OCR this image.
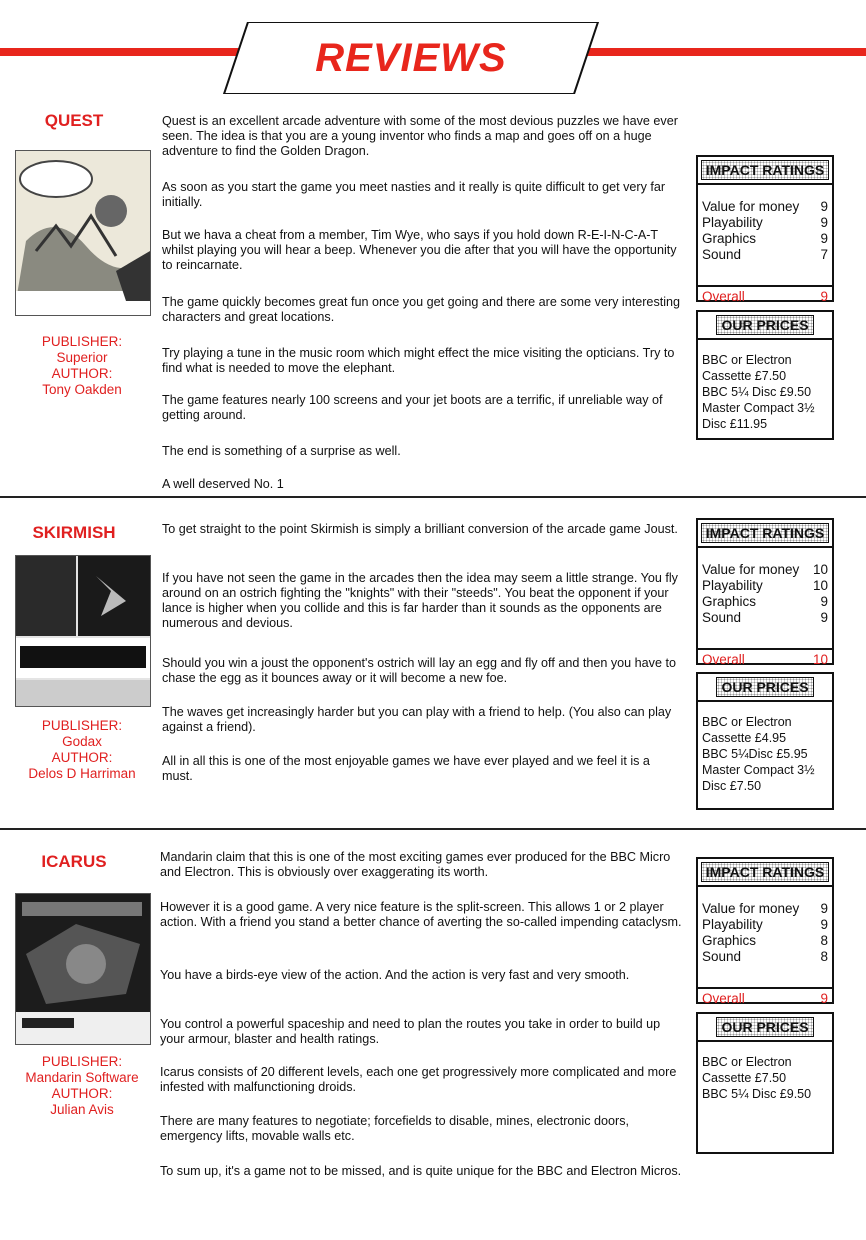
REVIEWS
QUEST
PUBLISHER:
Superior
AUTHOR:
Tony Oakden

Quest is an excellent arcade adventure with some of the most devious puzzles we have ever seen. The idea is that you are a young inventor who finds a map and goes off on a huge adventure to find the Golden Dragon.

As soon as you start the game you meet nasties and it really is quite difficult to get very far initially.

But we hava a cheat from a member, Tim Wye, who says if you hold down R-E-I-N-C-A-T whilst playing you will hear a beep. Whenever you die after that you will have the opportunity to reincarnate.

The game quickly becomes great fun once you get going and there are some very interesting characters and great locations.

Try playing a tune in the music room which might effect the mice visiting the opticians. Try to find what is needed to move the elephant.

The game features nearly 100 screens and your jet boots are a terrific, if unreliable way of getting around.

The end is something of a surprise as well.

A well deserved No. 1

IMPACT RATINGS
Value for money 9
Playability	9
Graphics	9
Sound	7
Overall	9
OUR PRICES
BBC or Electron
Cassette £7.50
BBC 5¼ Disc £9.50
Master Compact 3½
Disc £11.95
SKIRMISH
PUBLISHER:
Godax
AUTHOR:
Delos D Harriman

To get straight to the point Skirmish is simply a brilliant conversion of the arcade game Joust.

If you have not seen the game in the arcades then the idea may seem a little strange. You fly around on an ostrich fighting the "knights" with their "steeds". You beat the opponent if your lance is higher when you collide and this is far harder than it sounds as the opponents are numerous and devious.

Should you win a joust the opponent's ostrich will lay an egg and fly off and then you have to chase the egg as it bounces away or it will become a new foe.

The waves get increasingly harder but you can play with a friend to help. (You also can play against a friend).

All in all this is one of the most enjoyable games we have ever played and we feel it is a must.

IMPACT RATINGS
Value for money 10
Playability	10
Graphics	9
Sound	9
Overall	10
OUR PRICES
BBC or Electron
Cassette £4.95
BBC 5¼Disc £5.95
Master Compact 3½
Disc £7.50
ICARUS
PUBLISHER:
Mandarin Software
AUTHOR:
Julian Avis

Mandarin claim that this is one of the most exciting games ever produced for the BBC Micro and Electron. This is obviously over exaggerating its worth.

However it is a good game. A very nice feature is the split-screen. This allows 1 or 2 player action. With a friend you stand a better chance of averting the so-called impending cataclysm.

You have a birds-eye view of the action. And the action is very fast and very smooth.

You control a powerful spaceship and need to plan the routes you take in order to build up your armour, blaster and health ratings.

Icarus consists of 20 different levels, each one get progressively more complicated and more infested with malfunctioning droids.

There are many features to negotiate; forcefields to disable, mines, electronic doors, emergency lifts, movable walls etc.

To sum up, it's a game not to be missed, and is quite unique for the BBC and Electron Micros.

IMPACT RATINGS
Value for money 9
Playability	9
Graphics	8
Sound	8
Overall	9
OUR PRICES
BBC or Electron
Cassette £7.50
BBC 5¼ Disc £9.50
